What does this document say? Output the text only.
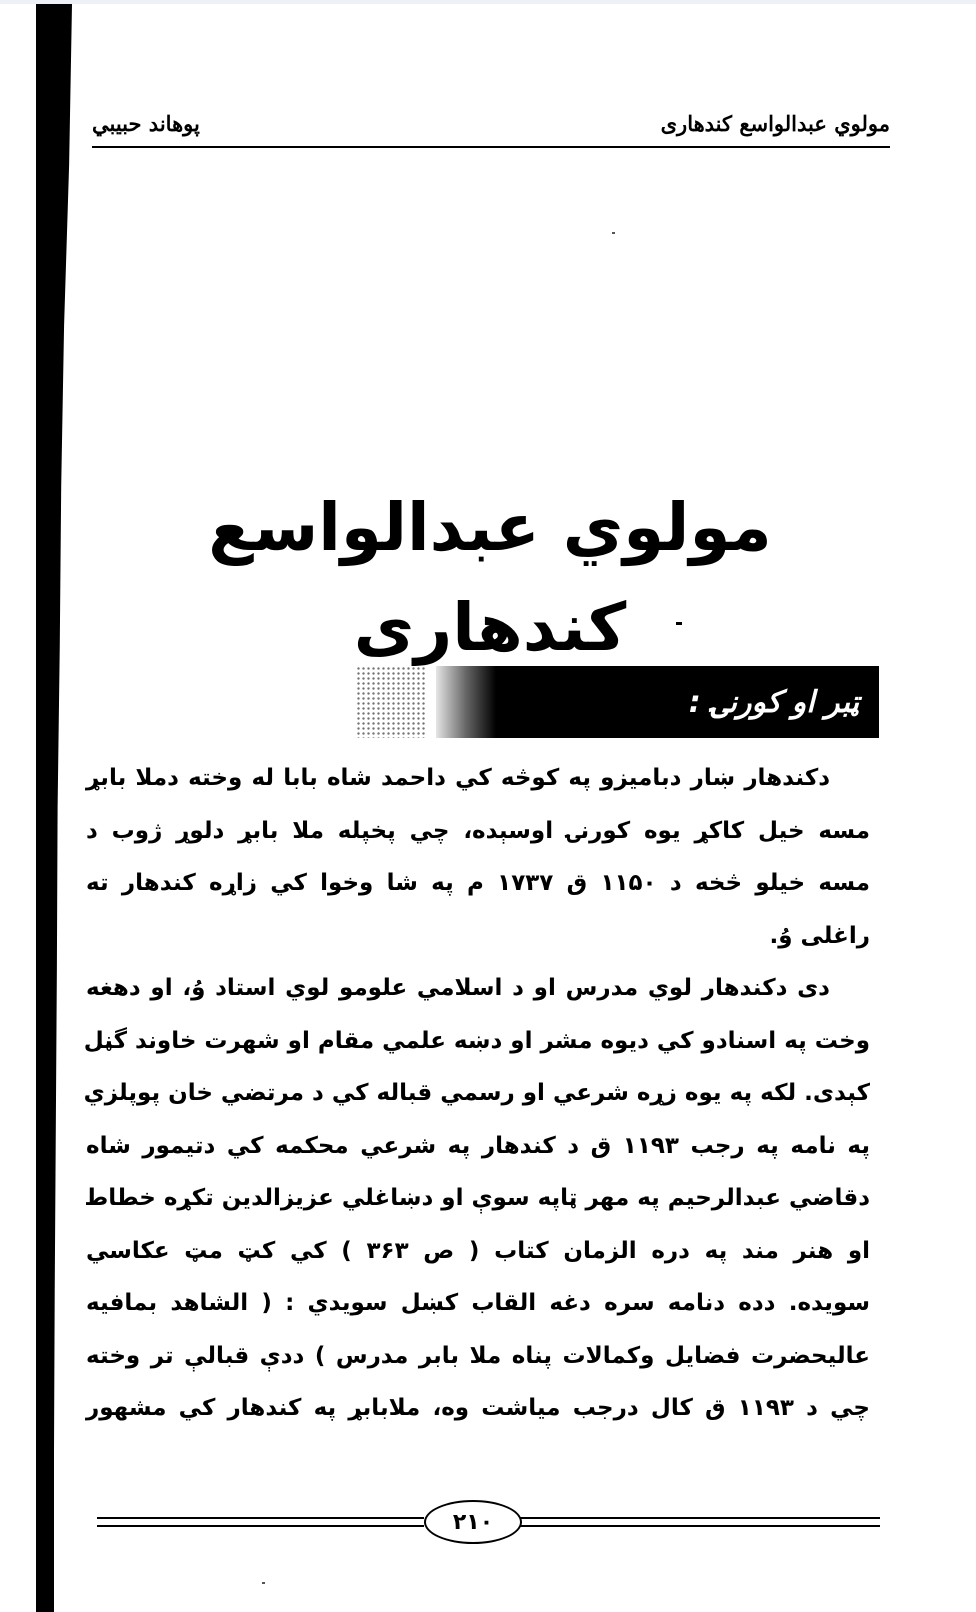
مولوي عبدالواسع کندهاری
پوهاند حبيبي
مولوي عبدالواسع کندهاری
ټبر او کورنۍ :

دکندهار ښار دباميزو په کوڅه کي داحمد شاه بابا له وخته دملا بابړ
مسه خيل کاکړ يوه کورنۍ اوسېده، چي پخپله ملا بابړ دلوړ ژوب د
مسه خيلو څخه د ۱۱۵۰ ق ۱۷۳۷ م په شا وخوا کي زاړه کندهار ته
راغلی وُ.

دی دکندهار لوي مدرس او د اسلامي علومو لوي استاد وُ، او دهغه
وخت په اسنادو کي ديوه مشر او دښه علمي مقام او شهرت خاوند گڼل
کېدی. لکه په يوه زړه شرعي او رسمي قباله کي د مرتضي خان پوپلزي
په نامه په رجب ۱۱۹۳ ق د کندهار په شرعي محکمه کي دتيمور شاه
دقاضي عبدالرحيم په مهر ټاپه سوې او دښاغلي عزيزالدين تکړه خطاط
او هنر مند په دره الزمان کتاب ( ص ۳۶۳ ) کي کټ مټ عکاسي
سويده. دده دنامه سره دغه القاب کښل سويدي : ( الشاهد بمافيه
عاليحضرت فضايل وکمالات پناه ملا بابر مدرس ) ددې قبالې تر وخته
چي د ۱۱۹۳ ق کال درجب مياشت وه، ملابابړ په کندهار کي مشهور

۲۱۰
